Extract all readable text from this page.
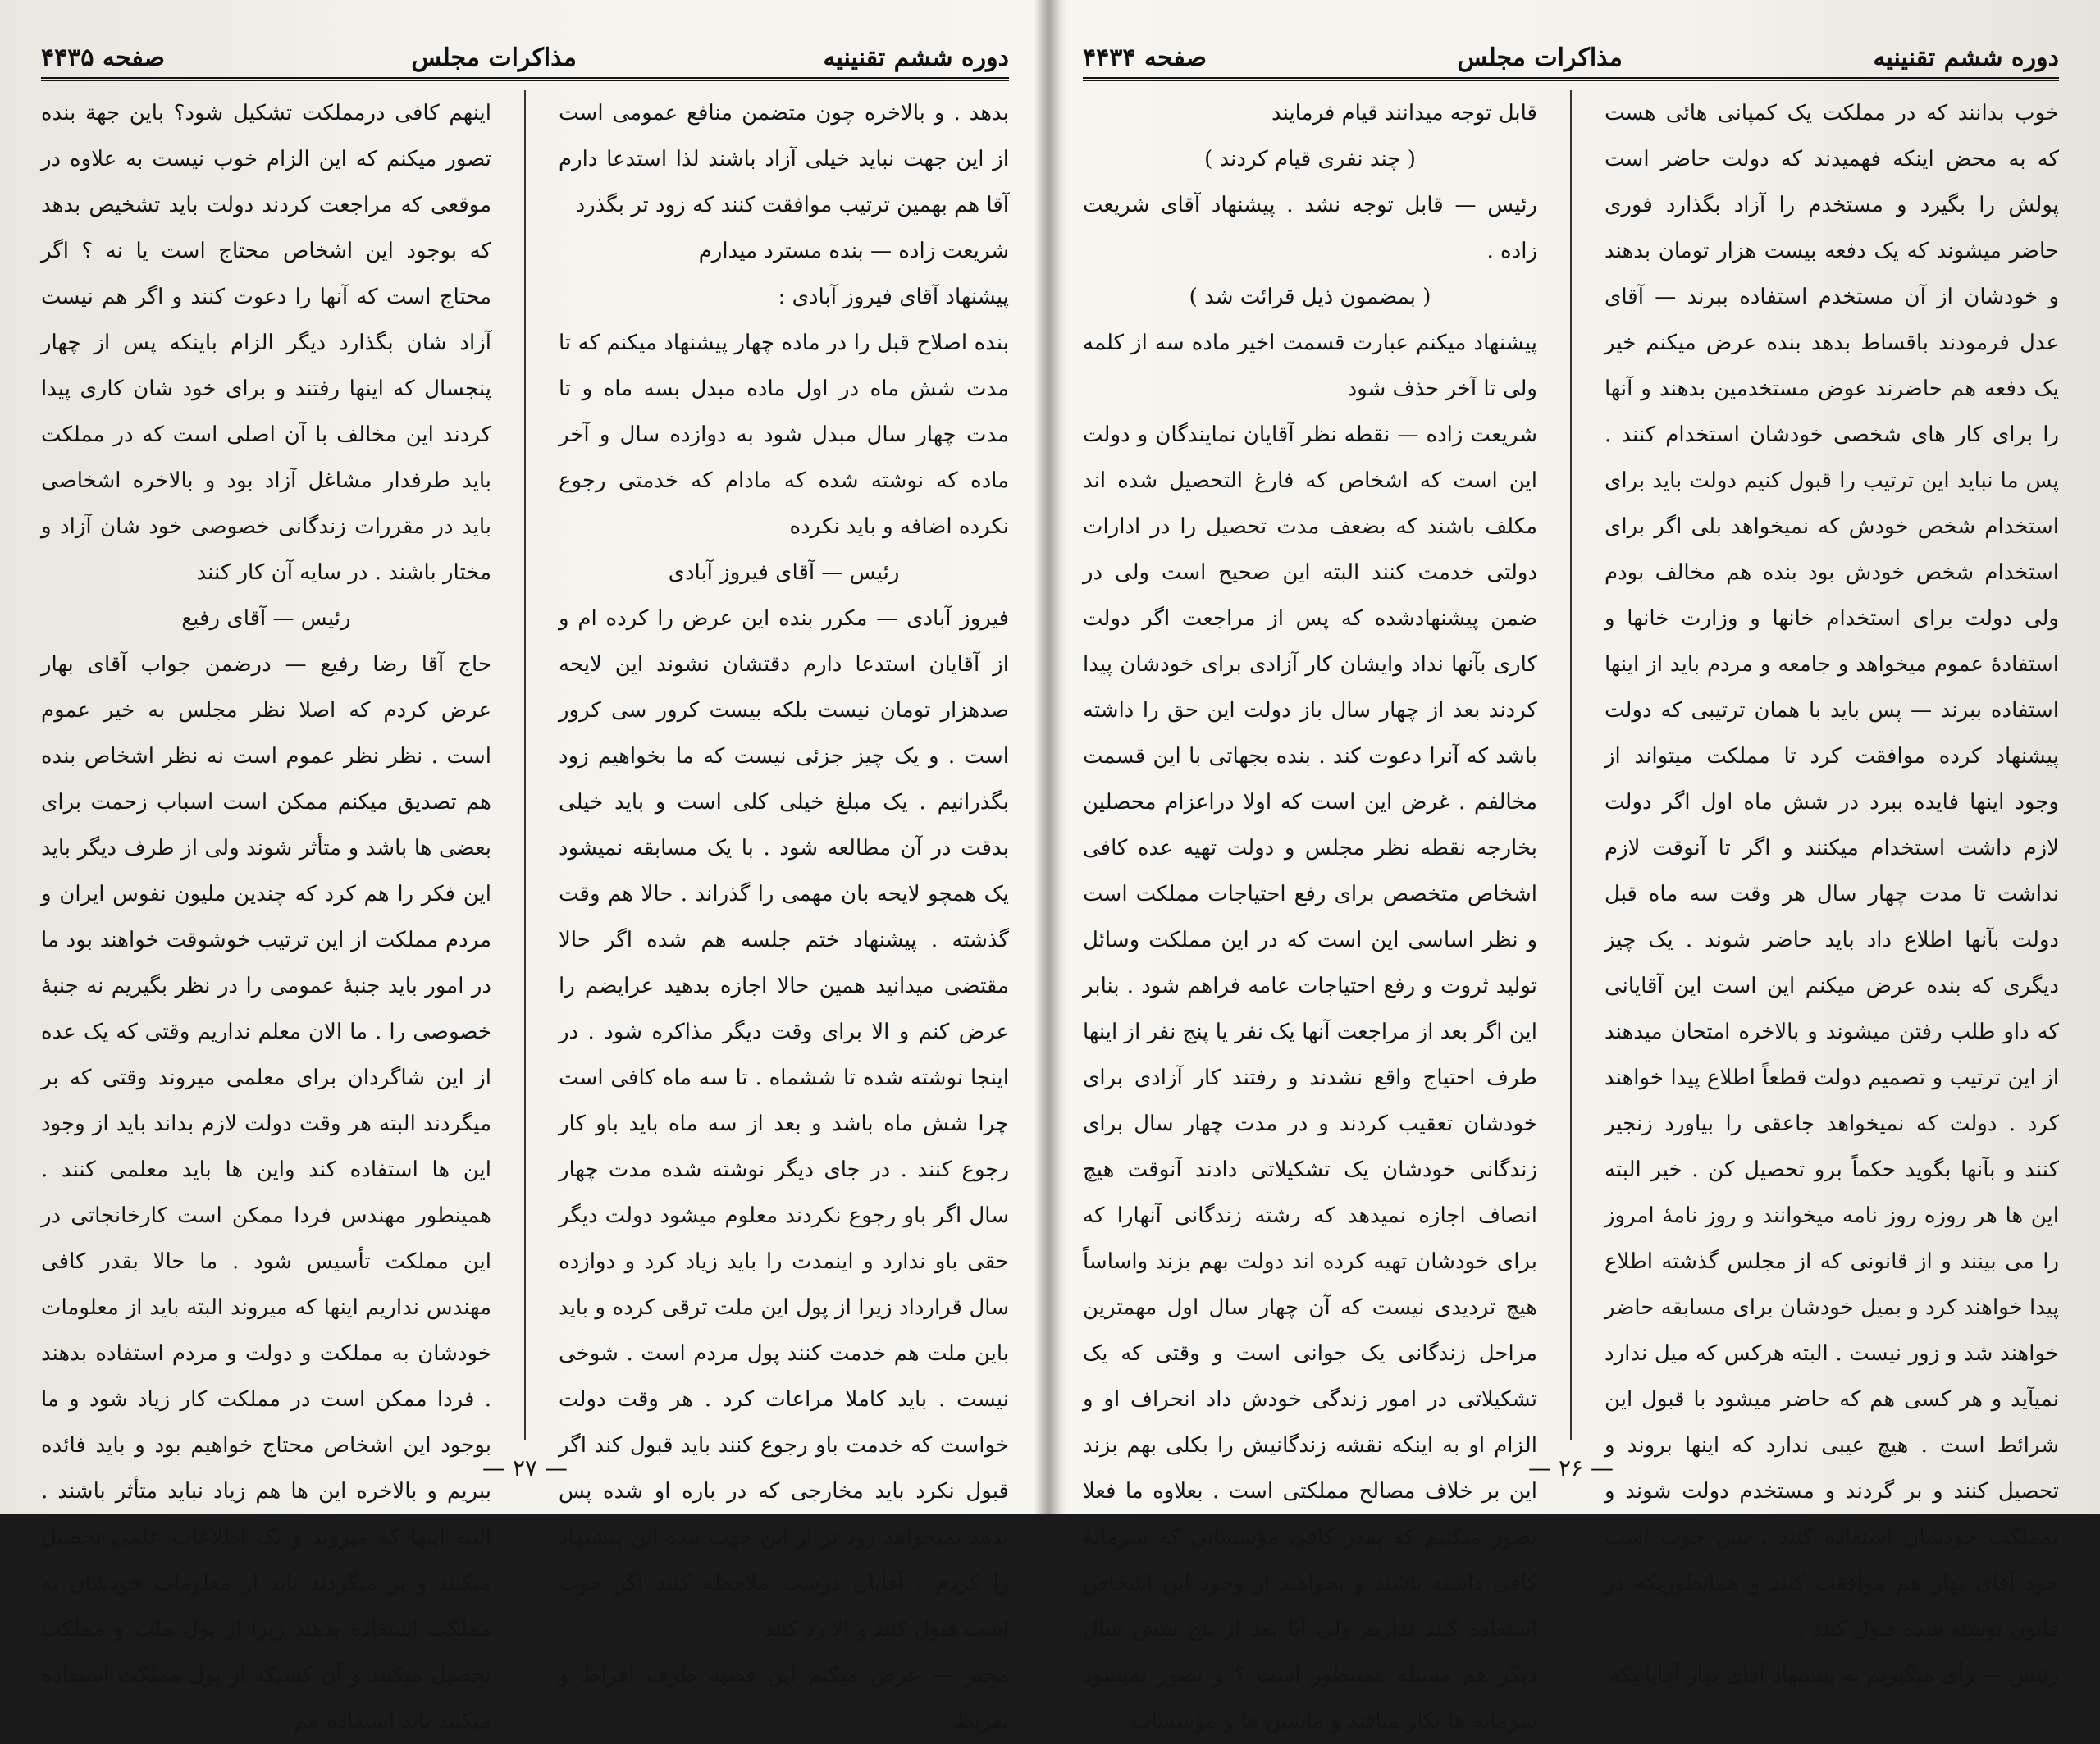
دوره ششم تقنینیه
مذاکرات مجلس
صفحه ۴۴۳۵

بدهد . و بالاخره چون متضمن منافع عمومی است از این جهت نباید خیلی آزاد باشند لذا استدعا دارم آقا هم بهمین ترتیب موافقت کنند که زود تر بگذرد

شریعت زاده — بنده مسترد میدارم

پیشنهاد آقای فیروز آبادی :

بنده اصلاح قبل را در ماده چهار پیشنهاد میکنم که تا مدت شش ماه در اول ماده مبدل بسه ماه و تا مدت چهار سال مبدل شود به دوازده سال و آخر ماده که نوشته شده که مادام که خدمتی رجوع نکرده اضافه و باید نکرده

رئیس — آقای فیروز آبادی

فیروز آبادی — مکرر بنده این عرض را کرده ام و از آقایان استدعا دارم دقتشان نشوند این لایحه صدهزار تومان نیست بلکه بیست کرور سی کرور است . و یک چیز جزئی نیست که ما بخواهیم زود بگذرانیم . یک مبلغ خیلی کلی است و باید خیلی بدقت در آن مطالعه شود . با یک مسابقه نمیشود یک همچو لایحه بان مهمی را گذراند . حالا هم وقت گذشته . پیشنهاد ختم جلسه هم شده اگر حالا مقتضی میدانید همین حالا اجازه بدهید عرایضم را عرض کنم و الا برای وقت دیگر مذاکره شود . در اینجا نوشته شده تا ششماه . تا سه ماه کافی است چرا شش ماه باشد و بعد از سه ماه باید باو کار رجوع کنند . در جای دیگر نوشته شده مدت چهار سال اگر باو رجوع نکردند معلوم میشود دولت دیگر حقی باو ندارد و اینمدت را باید زیاد کرد و دوازده سال قرارداد زیرا از پول این ملت ترقی کرده و باید باین ملت هم خدمت کنند پول مردم است . شوخی نیست . باید کاملا مراعات کرد . هر وقت دولت خواست که خدمت باو رجوع کنند باید قبول کند اگر قبول نکرد باید مخارجی که در باره او شده پس بدهد نمیخواهد زود تر از این جهت بنده این پیشنهاد را کردم . آقایان درست ملاحظه کنند اگر خوب است قبول کنند و الا رد کنند

مخبر — عرض میکنم این قضیه طرف افراط و تفریط

اینهم کافی درمملکت تشکیل شود؟ باین جهة بنده تصور میکنم که این الزام خوب نیست به علاوه در موقعی که مراجعت کردند دولت باید تشخیص بدهد که بوجود این اشخاص محتاج است یا نه ؟ اگر محتاج است که آنها را دعوت کنند و اگر هم نیست آزاد شان بگذارد دیگر الزام باینکه پس از چهار پنجسال که اینها رفتند و برای خود شان کاری پیدا کردند این مخالف با آن اصلی است که در مملکت باید طرفدار مشاغل آزاد بود و بالاخره اشخاصی باید در مقررات زندگانی خصوصی خود شان آزاد و مختار باشند . در سایه آن کار کنند

رئیس — آقای رفیع

حاج آقا رضا رفیع — درضمن جواب آقای بهار عرض کردم که اصلا نظر مجلس به خیر عموم است . نظر نظر عموم است نه نظر اشخاص بنده هم تصدیق میکنم ممکن است اسباب زحمت برای بعضی ها باشد و متأثر شوند ولی از طرف دیگر باید این فکر را هم کرد که چندین ملیون نفوس ایران و مردم مملکت از این ترتیب خوشوقت خواهند بود ما در امور باید جنبهٔ عمومی را در نظر بگیریم نه جنبهٔ خصوصی را . ما الان معلم نداریم وقتی که یک عده از این شاگردان برای معلمی میروند وقتی که بر میگردند البته هر وقت دولت لازم بداند باید از وجود این ها استفاده کند واین ها باید معلمی کنند . همینطور مهندس فردا ممکن است کارخانجاتی در این مملکت تأسیس شود . ما حالا بقدر کافی مهندس نداریم اینها که میروند البته باید از معلومات خودشان به مملکت و دولت و مردم استفاده بدهند . فردا ممکن است در مملکت کار زیاد شود و ما بوجود این اشخاص محتاج خواهیم بود و باید فائده ببریم و بالاخره این ها هم زیاد نباید متأثر باشند . البته اینها که میروند و یک اطلاعات علمی تحصیل میکنند و بر میگردند باید از معلومات خودشان به مملکت استفاده بدهند زیرا از پول ملت و مملکت تحصیل میکنند و آن کسیکه از پول مملکت استفاده میکنند باید استفاده هم

— ۲۷ —
دوره ششم تقنینیه
مذاکرات مجلس
صفحه ۴۴۳۴

خوب بدانند که در مملکت یک کمپانی هائی هست که به محض اینکه فهمیدند که دولت حاضر است پولش را بگیرد و مستخدم را آزاد بگذارد فوری حاضر میشوند که یک دفعه بیست هزار تومان بدهند و خودشان از آن مستخدم استفاده ببرند — آقای عدل فرمودند باقساط بدهد بنده عرض میکنم خیر یک دفعه هم حاضرند عوض مستخدمین بدهند و آنها را برای کار های شخصی خودشان استخدام کنند . پس ما نباید این ترتیب را قبول کنیم دولت باید برای استخدام شخص خودش که نمیخواهد بلی اگر برای استخدام شخص خودش بود بنده هم مخالف بودم ولی دولت برای استخدام خانها و وزارت خانها و استفادهٔ عموم میخواهد و جامعه و مردم باید از اینها استفاده ببرند — پس باید با همان ترتیبی که دولت پیشنهاد کرده موافقت کرد تا مملکت میتواند از وجود اینها فایده ببرد در شش ماه اول اگر دولت لازم داشت استخدام میکنند و اگر تا آنوقت لازم نداشت تا مدت چهار سال هر وقت سه ماه قبل دولت بآنها اطلاع داد باید حاضر شوند . یک چیز دیگری که بنده عرض میکنم این است این آقایانی که داو طلب رفتن میشوند و بالاخره امتحان میدهند از این ترتیب و تصمیم دولت قطعاً اطلاع پیدا خواهند کرد . دولت که نمیخواهد جاعقی را بیاورد زنجیر کنند و بآنها بگوید حکماً برو تحصیل کن . خیر البته این ها هر روزه روز نامه میخوانند و روز نامهٔ امروز را می بینند و از قانونی که از مجلس گذشته اطلاع پیدا خواهند کرد و بمیل خودشان برای مسابقه حاضر خواهند شد و زور نیست . البته هرکس که میل ندارد نمیآید و هر کسی هم که حاضر میشود با قبول این شرائط است . هیچ عیبی ندارد که اینها بروند و تحصیل کنند و بر گردند و مستخدم دولت شوند و بمملکت خودشان استفاده کنند . پس خوب است خود آقای بهار هم موافقت کنند و همانطوریکه در قانون نوشته شده قبول کنند .

رئیس — رأی میگیریم به پیشنهاد آقای بهار آقایانیکه

قابل توجه میدانند قیام فرمایند

( چند نفری قیام کردند )

رئیس — قابل توجه نشد . پیشنهاد آقای شریعت زاده .

( بمضمون ذیل قرائت شد )

پیشنهاد میکنم عبارت قسمت اخیر ماده سه از کلمه ولی تا آخر حذف شود

شریعت زاده — نقطه نظر آقایان نمایندگان و دولت این است که اشخاص که فارغ التحصیل شده اند مکلف باشند که بضعف مدت تحصیل را در ادارات دولتی خدمت کنند البته این صحیح است ولی در ضمن پیشنهادشده که پس از مراجعت اگر دولت کاری بآنها نداد وایشان کار آزادی برای خودشان پیدا کردند بعد از چهار سال باز دولت این حق را داشته باشد که آنرا دعوت کند . بنده بجهاتی با این قسمت مخالفم . غرض این است که اولا دراعزام محصلین بخارجه نقطه نظر مجلس و دولت تهیه عده کافی اشخاص متخصص برای رفع احتیاجات مملکت است و نظر اساسی این است که در این مملکت وسائل تولید ثروت و رفع احتیاجات عامه فراهم شود . بنابر این اگر بعد از مراجعت آنها یک نفر یا پنج نفر از اینها طرف احتیاج واقع نشدند و رفتند کار آزادی برای خودشان تعقیب کردند و در مدت چهار سال برای زندگانی خودشان یک تشکیلاتی دادند آنوقت هیچ انصاف اجازه نمیدهد که رشته زندگانی آنهارا که برای خودشان تهیه کرده اند دولت بهم بزند واساساً هیچ تردیدی نیست که آن چهار سال اول مهمترین مراحل زندگانی یک جوانی است و وقتی که یک تشکیلاتی در امور زندگی خودش داد انحراف او و الزام او به اینکه نقشه زندگانیش را بکلی بهم بزند این بر خلاف مصالح مملکتی است . بعلاوه ما فعلا تصور میکنیم که بقدر کافی مؤسساتی که سرمایهٔ کافی داشته باشند و بخواهند از وجود این اشخاص استفاده کنند نداریم ولی آیا بعد از پنج شش سال دیگر هم مسئله همینطور است ؟ و تصور نمیشود سرمایه ها بکار میافتد و ماشین ها و مؤسسات

— ۲۶ —
